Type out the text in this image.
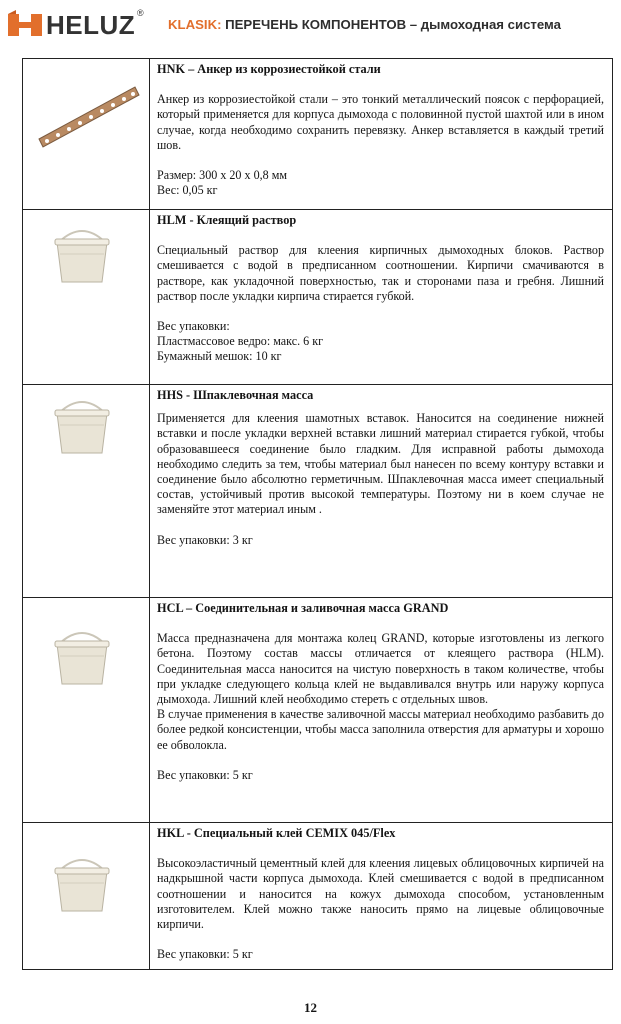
HELUZ ®
KLASIK: ПЕРЕЧЕНЬ КОМПОНЕНТОВ – дымоходная система
HNK – Анкер из коррозиестойкой стали

Анкер из коррозиестойкой стали – это тонкий металлический поясок с перфорацией, который применяется для корпуса дымохода с половинной пустой шахтой или в ином случае, когда необходимо сохранить перевязку. Анкер вставляется в каждый третий шов.

Размер: 300 x 20 x 0,8 мм

Вес: 0,05 кг

HLM - Клеящий раствор

Специальный раствор для клеения кирпичных дымоходных блоков. Раствор смешивается с водой в предписанном соотношении. Кирпичи смачиваются в растворе, как укладочной поверхностью, так и сторонами паза и гребня. Лишний раствор после укладки кирпича стирается губкой.

Вес упаковки:

Пластмассовое ведро: макс. 6 кг

Бумажный мешок: 10 кг

HHS - Шпаклевочная масса

Применяется для клеения шамотных вставок. Наносится на соединение нижней вставки и после укладки верхней вставки лишний материал стирается губкой, чтобы образовавшееся соединение было гладким. Для исправной работы дымохода необходимо следить за тем, чтобы материал был нанесен по всему контуру вставки и соединение было абсолютно герметичным. Шпаклевочная масса имеет специальный состав, устойчивый против высокой температуры. Поэтому ни в коем случае не заменяйте этот материал иным .

Вес упаковки: 3 кг

HCL – Соединительная и заливочная масса GRAND

Масса предназначена для монтажа колец GRAND, которые изготовлены из легкого бетона. Поэтому состав массы отличается от клеящего раствора (HLM). Соединительная масса наносится на чистую поверхность в таком количестве, чтобы при укладке следующего кольца клей не выдавливался внутрь или наружу корпуса дымохода. Лишний клей необходимо стереть с отдельных швов.

В случае применения в качестве заливочной массы материал необходимо разбавить до более редкой консистенции, чтобы масса заполнила отверстия для арматуры и хорошо ее обволокла.

Вес упаковки: 5 кг

HKL - Специальный клей CEMIX 045/Flex

Высокоэластичный цементный клей для клеения лицевых облицовочных кирпичей на надкрышной части корпуса дымохода. Клей смешивается с водой в предписанном соотношении и наносится на кожух дымохода способом, установленным изготовителем. Клей можно также наносить прямо на лицевые облицовочные кирпичи.

Вес упаковки: 5 кг

12
